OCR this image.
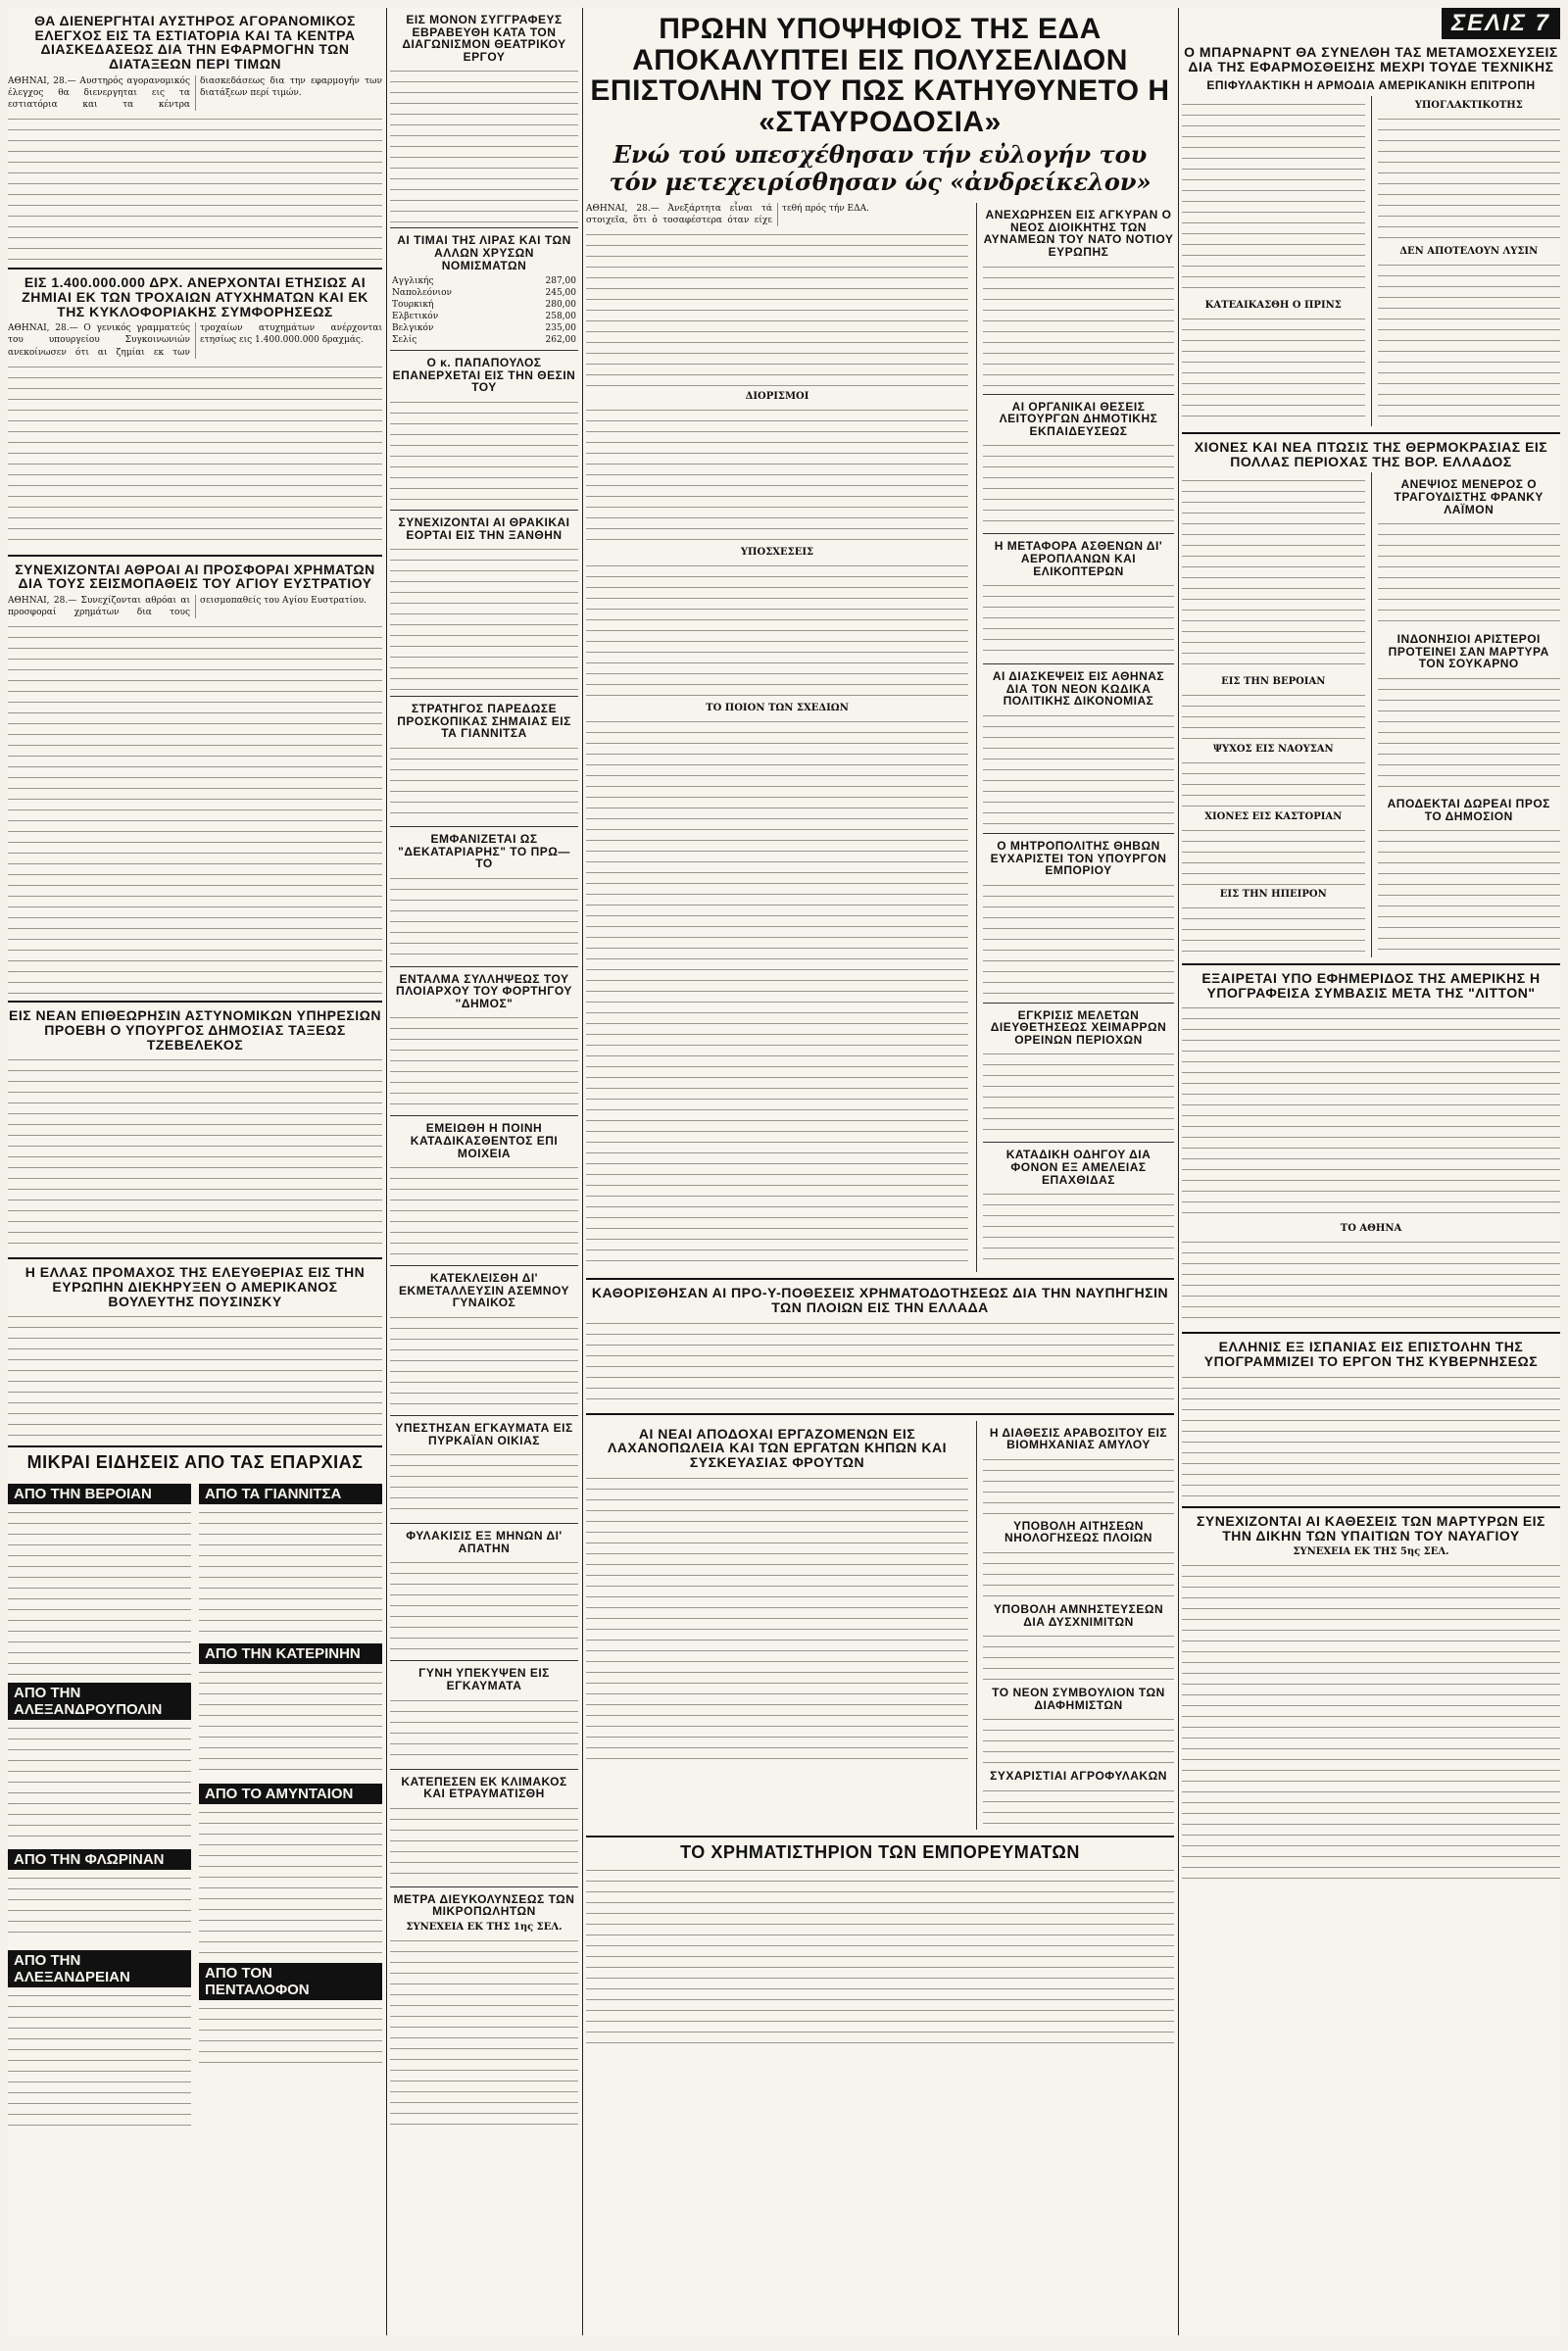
ΘΑ ΔΙΕΝΕΡΓΗΤΑΙ ΑΥΣΤΗΡΟΣ ΑΓΟΡΑΝΟΜΙΚΟΣ ΕΛΕΓΧΟΣ ΕΙΣ ΤΑ ΕΣΤΙΑΤΟΡΙΑ ΚΑΙ ΤΑ ΚΕΝΤΡΑ ΔΙΑΣΚΕΔΑΣΕΩΣ ΔΙΑ ΤΗΝ ΕΦΑΡΜΟΓΗΝ ΤΩΝ ΔΙΑΤΑΞΕΩΝ ΠΕΡΙ ΤΙΜΩΝ
ΑΘΗΝΑΙ, 28.— Αυστηρός αγορανομικός έλεγχος θα διενεργηται εις τα εστιατόρια και τα κέντρα διασκεδάσεως δια την εφαρμογήν των διατάξεων περί τιμών.
ΕΙΣ 1.400.000.000 ΔΡΧ. ΑΝΕΡΧΟΝΤΑΙ ΕΤΗΣΙΩΣ ΑΙ ΖΗΜΙΑΙ ΕΚ ΤΩΝ ΤΡΟΧΑΙΩΝ ΑΤΥΧΗΜΑΤΩΝ ΚΑΙ ΕΚ ΤΗΣ ΚΥΚΛΟΦΟΡΙΑΚΗΣ ΣΥΜΦΟΡΗΣΕΩΣ
ΑΘΗΝΑΙ, 28.— Ο γενικός γραμματεύς του υπουργείου Συγκοινωνιών ανεκοίνωσεν ότι αι ζημίαι εκ των τροχαίων ατυχημάτων ανέρχονται ετησίως εις 1.400.000.000 δραχμάς.
ΣΥΝΕΧΙΖΟΝΤΑΙ ΑΘΡΟΑΙ ΑΙ ΠΡΟΣΦΟΡΑΙ ΧΡΗΜΑΤΩΝ ΔΙΑ ΤΟΥΣ ΣΕΙΣΜΟΠΑΘΕΙΣ ΤΟΥ ΑΓΙΟΥ ΕΥΣΤΡΑΤΙΟΥ
ΑΘΗΝΑΙ, 28.— Συνεχίζονται αθρόαι αι προσφοραί χρημάτων δια τους σεισμοπαθείς του Αγίου Ευστρατίου.
ΕΙΣ ΝΕΑΝ ΕΠΙΘΕΩΡΗΣΙΝ ΑΣΤΥΝΟΜΙΚΩΝ ΥΠΗΡΕΣΙΩΝ ΠΡΟΕΒΗ Ο ΥΠΟΥΡΓΟΣ ΔΗΜΟΣΙΑΣ ΤΑΞΕΩΣ ΤΖΕΒΕΛΕΚΟΣ
Η ΕΛΛΑΣ ΠΡΟΜΑΧΟΣ ΤΗΣ ΕΛΕΥΘΕΡΙΑΣ ΕΙΣ ΤΗΝ ΕΥΡΩΠΗΝ ΔΙΕΚΗΡΥΞΕΝ Ο ΑΜΕΡΙΚΑΝΟΣ ΒΟΥΛΕΥΤΗΣ ΠΟΥΣΙΝΣΚΥ
ΜΙΚΡΑΙ ΕΙΔΗΣΕΙΣ ΑΠΟ ΤΑΣ ΕΠΑΡΧΙΑΣ
ΑΠΟ ΤΗΝ ΒΕΡΟΙΑΝ
ΑΠΟ ΤΗΝ ΑΛΕΞΑΝΔΡΟΥΠΟΛΙΝ
ΑΠΟ ΤΗΝ ΦΛΩΡΙΝΑΝ
ΑΠΟ ΤΗΝ ΑΛΕΞΑΝΔΡΕΙΑΝ
ΑΠΟ ΤΑ ΓΙΑΝΝΙΤΣΑ
ΑΠΟ ΤΗΝ ΚΑΤΕΡΙΝΗΝ
ΑΠΟ ΤΟ ΑΜΥΝΤΑΙΟΝ
ΑΠΟ ΤΟΝ ΠΕΝΤΑΛΟΦΟΝ
ΕΙΣ ΜΟΝΟΝ ΣΥΓΓΡΑΦΕΥΣ ΕΒΡΑΒΕΥΘΗ ΚΑΤΑ ΤΟΝ ΔΙΑΓΩΝΙΣΜΟΝ ΘΕΑΤΡΙΚΟΥ ΕΡΓΟΥ
ΑΙ ΤΙΜΑΙ ΤΗΣ ΛΙΡΑΣ ΚΑΙ ΤΩΝ ΑΛΛΩΝ ΧΡΥΣΩΝ ΝΟΜΙΣΜΑΤΩΝ
Αγγλικής	287,00
Ναπολεόνιον	245,00
Τουρκική	280,00
Ελβετικόν	258,00
Βελγικόν	235,00
Σελίς	262,00
Ο κ. ΠΑΠΑΠΟΥΛΟΣ ΕΠΑΝΕΡΧΕΤΑΙ ΕΙΣ ΤΗΝ ΘΕΣΙΝ ΤΟΥ
ΣΥΝΕΧΙΖΟΝΤΑΙ ΑΙ ΘΡΑΚΙΚΑΙ ΕΟΡΤΑΙ ΕΙΣ ΤΗΝ ΞΑΝΘΗΝ
ΣΤΡΑΤΗΓΟΣ ΠΑΡΕΔΩΣΕ ΠΡΟΣΚΟΠΙΚΑΣ ΣΗΜΑΙΑΣ ΕΙΣ ΤΑ ΓΙΑΝΝΙΤΣΑ
ΕΜΦΑΝΙΖΕΤΑΙ ΩΣ "ΔΕΚΑΤΑΡΙΑΡΗΣ" ΤΟ ΠΡΩ—ΤΟ
ΕΝΤΑΛΜΑ ΣΥΛΛΗΨΕΩΣ ΤΟΥ ΠΛΟΙΑΡΧΟΥ ΤΟΥ ΦΟΡΤΗΓΟΥ "ΔΗΜΟΣ"
ΕΜΕΙΩΘΗ Η ΠΟΙΝΗ ΚΑΤΑΔΙΚΑΣΘΕΝΤΟΣ ΕΠΙ ΜΟΙΧΕΙΑ
ΚΑΤΕΚΛΕΙΣΘΗ ΔΙ' ΕΚΜΕΤΑΛΛΕΥΣΙΝ ΑΣΕΜΝΟΥ ΓΥΝΑΙΚΟΣ
ΥΠΕΣΤΗΣΑΝ ΕΓΚΑΥΜΑΤΑ ΕΙΣ ΠΥΡΚΑΪΑΝ ΟΙΚΙΑΣ
ΦΥΛΑΚΙΣΙΣ ΕΞ ΜΗΝΩΝ ΔΙ' ΑΠΑΤΗΝ
ΓΥΝΗ ΥΠΕΚΥΨΕΝ ΕΙΣ ΕΓΚΑΥΜΑΤΑ
ΚΑΤΕΠΕΣΕΝ ΕΚ ΚΛΙΜΑΚΟΣ ΚΑΙ ΕΤΡΑΥΜΑΤΙΣΘΗ
ΜΕΤΡΑ ΔΙΕΥΚΟΛΥΝΣΕΩΣ ΤΩΝ ΜΙΚΡΟΠΩΛΗΤΩΝ
ΣΥΝΕΧΕΙΑ ΕΚ ΤΗΣ 1ης ΣΕΛ.
ΠΡΩΗΝ ΥΠΟΨΗΦΙΟΣ ΤΗΣ ΕΔΑ ΑΠΟΚΑΛΥΠΤΕΙ ΕΙΣ ΠΟΛΥΣΕΛΙΔΟΝ ΕΠΙΣΤΟΛΗΝ ΤΟΥ ΠΩΣ ΚΑΤΗΥΘΥΝΕΤΟ Η «ΣΤΑΥΡΟΔΟΣΙΑ»
Ενώ τού υπεσχέθησαν τήν εὐλογήν του τόν μετεχειρίσθησαν ώς «ἀνδρείκελον»
ΑΘΗΝΑΙ, 28.— Ἀνεξάρτητα εἶναι τά στοιχεῖα, ὅτι ὁ τοσαφέστερα όταν είχε τεθή πρός τήν ΕΔΑ.
ΔΙΟΡΙΣΜΟΙ
ΥΠΟΣΧΕΣΕΙΣ
ΤΟ ΠΟΙΟΝ ΤΩΝ ΣΧΕΔΙΩΝ
ΑΝΕΧΩΡΗΣΕΝ ΕΙΣ ΑΓΚΥΡΑΝ Ο ΝΕΟΣ ΔΙΟΙΚΗΤΗΣ ΤΩΝ ΑΥΝΑΜΕΩΝ ΤΟΥ ΝΑΤΟ ΝΟΤΙΟΥ ΕΥΡΩΠΗΣ
ΑΙ ΟΡΓΑΝΙΚΑΙ ΘΕΣΕΙΣ ΛΕΙΤΟΥΡΓΩΝ ΔΗΜΟΤΙΚΗΣ ΕΚΠΑΙΔΕΥΣΕΩΣ
Η ΜΕΤΑΦΟΡΑ ΑΣΘΕΝΩΝ ΔΙ' ΑΕΡΟΠΛΑΝΩΝ ΚΑΙ ΕΛΙΚΟΠΤΕΡΩΝ
ΑΙ ΔΙΑΣΚΕΨΕΙΣ ΕΙΣ ΑΘΗΝΑΣ ΔΙΑ ΤΟΝ ΝΕΟΝ ΚΩΔΙΚΑ ΠΟΛΙΤΙΚΗΣ ΔΙΚΟΝΟΜΙΑΣ
Ο ΜΗΤΡΟΠΟΛΙΤΗΣ ΘΗΒΩΝ ΕΥΧΑΡΙΣΤΕΙ ΤΟΝ ΥΠΟΥΡΓΟΝ ΕΜΠΟΡΙΟΥ
ΕΓΚΡΙΣΙΣ ΜΕΛΕΤΩΝ ΔΙΕΥΘΕΤΗΣΕΩΣ ΧΕΙΜΑΡΡΩΝ ΟΡΕΙΝΩΝ ΠΕΡΙΟΧΩΝ
ΚΑΤΑΔΙΚΗ ΟΔΗΓΟΥ ΔΙΑ ΦΟΝΟΝ ΕΞ ΑΜΕΛΕΙΑΣ ΕΠΑΧΘΙΔΑΣ
ΚΑΘΟΡΙΣΘΗΣΑΝ ΑΙ ΠΡΟ-Υ-ΠΟΘΕΣΕΙΣ ΧΡΗΜΑΤΟΔΟΤΗΣΕΩΣ ΔΙΑ ΤΗΝ ΝΑΥΠΗΓΗΣΙΝ ΤΩΝ ΠΛΟΙΩΝ ΕΙΣ ΤΗΝ ΕΛΛΑΔΑ
ΑΙ ΝΕΑΙ ΑΠΟΔΟΧΑΙ ΕΡΓΑΖΟΜΕΝΩΝ ΕΙΣ ΛΑΧΑΝΟΠΩΛΕΙΑ ΚΑΙ ΤΩΝ ΕΡΓΑΤΩΝ ΚΗΠΩΝ ΚΑΙ ΣΥΣΚΕΥΑΣΙΑΣ ΦΡΟΥΤΩΝ
Η ΔΙΑΘΕΣΙΣ ΑΡΑΒΟΣΙΤΟΥ ΕΙΣ ΒΙΟΜΗΧΑΝΙΑΣ ΑΜΥΛΟΥ
ΥΠΟΒΟΛΗ ΑΙΤΗΣΕΩΝ ΝΗΟΛΟΓΗΣΕΩΣ ΠΛΟΙΩΝ
ΥΠΟΒΟΛΗ ΑΜΝΗΣΤΕΥΣΕΩΝ ΔΙΑ ΔΥΣΧΝΙΜΙΤΩΝ
ΤΟ ΝΕΟΝ ΣΥΜΒΟΥΛΙΟΝ ΤΩΝ ΔΙΑΦΗΜΙΣΤΩΝ
ΣΥΧΑΡΙΣΤΙΑΙ ΑΓΡΟΦΥΛΑΚΩΝ
ΤΟ ΧΡΗΜΑΤΙΣΤΗΡΙΟΝ ΤΩΝ ΕΜΠΟΡΕΥΜΑΤΩΝ
ΣΕΛΙΣ 7
Ο ΜΠΑΡΝΑΡΝΤ ΘΑ ΣΥΝΕΛΘΗ ΤΑΣ ΜΕΤΑΜΟΣΧΕΥΣΕΙΣ ΔΙΑ ΤΗΣ ΕΦΑΡΜΟΣΘΕΙΣΗΣ ΜΕΧΡΙ ΤΟΥΔΕ ΤΕΧΝΙΚΗΣ
ΕΠΙΦΥΛΑΚΤΙΚΗ Η ΑΡΜΟΔΙΑ ΑΜΕΡΙΚΑΝΙΚΗ ΕΠΙΤΡΟΠΗ
ΚΑΤΕΑΙΚΑΣΘΗ Ο ΠΡΙΝΣ
ΥΠΟΓΛΑΚΤΙΚΟΤΗΣ
ΔΕΝ ΑΠΟΤΕΛΟΥΝ ΛΥΣΙΝ
ΧΙΟΝΕΣ ΚΑΙ ΝΕΑ ΠΤΩΣΙΣ ΤΗΣ ΘΕΡΜΟΚΡΑΣΙΑΣ ΕΙΣ ΠΟΛΛΑΣ ΠΕΡΙΟΧΑΣ ΤΗΣ ΒΟΡ. ΕΛΛΑΔΟΣ
ΕΙΣ ΤΗΝ ΒΕΡΟΙΑΝ
ΨΥΧΟΣ ΕΙΣ ΝΑΟΥΣΑΝ
ΧΙΟΝΕΣ ΕΙΣ ΚΑΣΤΟΡΙΑΝ
ΕΙΣ ΤΗΝ ΗΠΕΙΡΟΝ
ΑΝΕΨΙΟΣ ΜΕΝΕΡΟΣ Ο ΤΡΑΓΟΥΔΙΣΤΗΣ ΦΡΑΝΚΥ ΛΑΪΜΟΝ
ΙΝΔΟΝΗΣΙΟΙ ΑΡΙΣΤΕΡΟΙ ΠΡΟΤΕΙΝΕΙ ΣΑΝ ΜΑΡΤΥΡΑ ΤΟΝ ΣΟΥΚΑΡΝΟ
ΑΠΟΔΕΚΤΑΙ ΔΩΡΕΑΙ ΠΡΟΣ ΤΟ ΔΗΜΟΣΙΟΝ
ΕΞΑΙΡΕΤΑΙ ΥΠΟ ΕΦΗΜΕΡΙΔΟΣ ΤΗΣ ΑΜΕΡΙΚΗΣ Η ΥΠΟΓΡΑΦΕΙΣΑ ΣΥΜΒΑΣΙΣ ΜΕΤΑ ΤΗΣ "ΛΙΤΤΟΝ"
ΤΟ ΑΘΗΝΑ
ΕΛΛΗΝΙΣ ΕΞ ΙΣΠΑΝΙΑΣ ΕΙΣ ΕΠΙΣΤΟΛΗΝ ΤΗΣ ΥΠΟΓΡΑΜΜΙΖΕΙ ΤΟ ΕΡΓΟΝ ΤΗΣ ΚΥΒΕΡΝΗΣΕΩΣ
ΣΥΝΕΧΙΖΟΝΤΑΙ ΑΙ ΚΑΘΕΣΕΙΣ ΤΩΝ ΜΑΡΤΥΡΩΝ ΕΙΣ ΤΗΝ ΔΙΚΗΝ ΤΩΝ ΥΠΑΙΤΙΩΝ ΤΟΥ ΝΑΥΑΓΙΟΥ
ΣΥΝΕΧΕΙΑ ΕΚ ΤΗΣ 5ης ΣΕΛ.
